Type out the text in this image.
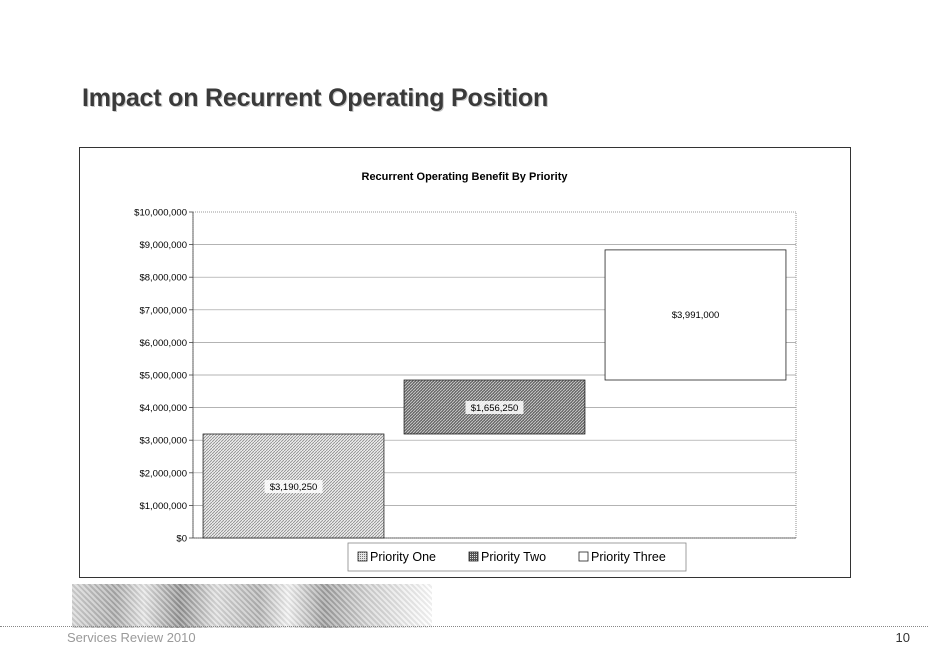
Impact on Recurrent Operating Position
Recurrent Operating Benefit By Priority
$0
$1,000,000
$2,000,000
$3,000,000
$4,000,000
$5,000,000
$6,000,000
$7,000,000
$8,000,000
$9,000,000
$10,000,000
$3,190,250
$1,656,250
$3,991,000
Priority One	Priority Two	Priority Three
Services Review 2010	10
